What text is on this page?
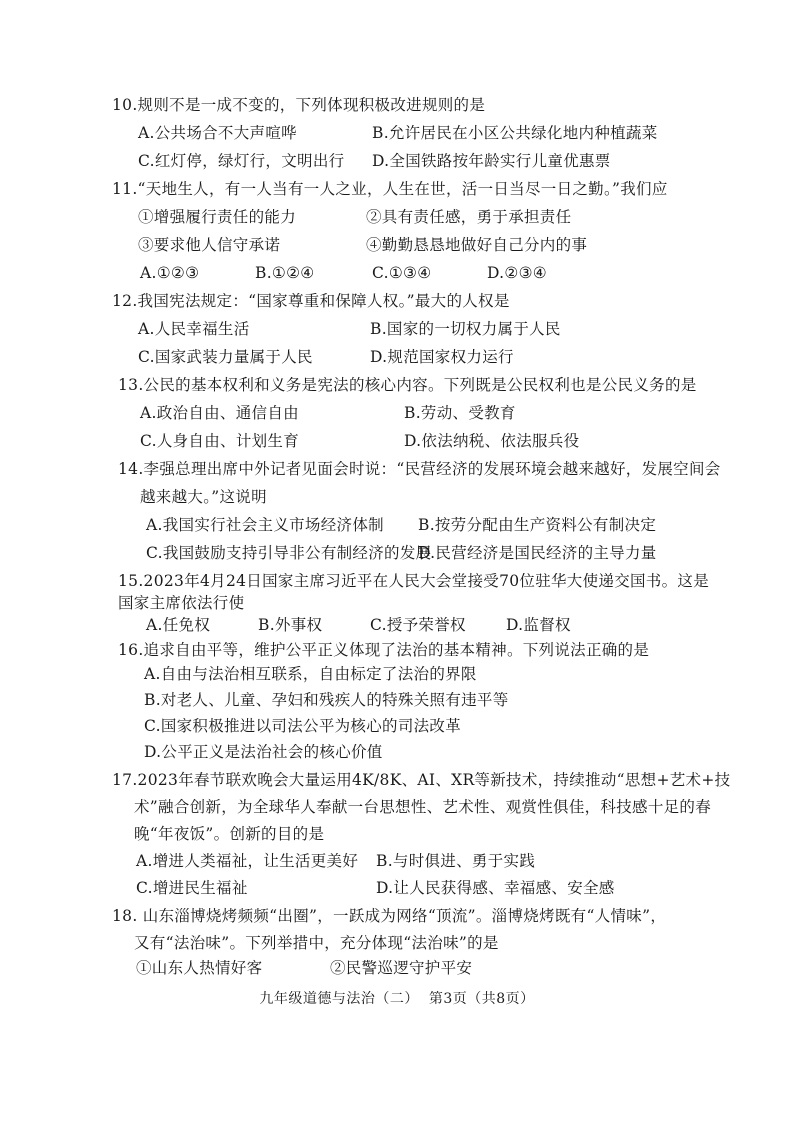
10.规则不是一成不变的，下列体现积极改进规则的是
A.公共场合不大声喧哗	B.允许居民在小区公共绿化地内种植蔬菜
C.红灯停，绿灯行，文明出行 D.全国铁路按年龄实行儿童优惠票
11.“天地生人，有一人当有一人之业，人生在世，活一日当尽一日之勤。”我们应
①增强履行责任的能力	②具有责任感，勇于承担责任
③要求他人信守承诺	④勤勤恳恳地做好自己分内的事
A.①②③	B.①②④	C.①③④	D.②③④
12.我国宪法规定：“国家尊重和保障人权。”最大的人权是
A.人民幸福生活	B.国家的一切权力属于人民
C.国家武装力量属于人民	D.规范国家权力运行
13.公民的基本权利和义务是宪法的核心内容。下列既是公民权利也是公民义务的是
A.政治自由、通信自由	B.劳动、受教育
C.人身自由、计划生育	D.依法纳税、依法服兵役
14.李强总理出席中外记者见面会时说：“民营经济的发展环境会越来越好，发展空间会
越来越大。”这说明
A.我国实行社会主义市场经济体制 B.按劳分配由生产资料公有制决定
C.我国鼓励支持引导非公有制经济的发展
D.民营经济是国民经济的主导力量
15.2023年4月24日国家主席习近平在人民大会堂接受70位驻华大使递交国书。这是
国家主席依法行使
A.任免权	B.外事权	C.授予荣誉权	D.监督权
16.追求自由平等，维护公平正义体现了法治的基本精神。下列说法正确的是
A.自由与法治相互联系，自由标定了法治的界限
B.对老人、儿童、孕妇和残疾人的特殊关照有违平等
C.国家积极推进以司法公平为核心的司法改革
D.公平正义是法治社会的核心价值
17.2023年春节联欢晚会大量运用4K/8K、AI、XR等新技术，持续推动“思想+艺术+技
术”融合创新，为全球华人奉献一台思想性、艺术性、观赏性俱佳，科技感十足的春
晚“年夜饭”。创新的目的是
A.增进人类福祉，让生活更美好 B.与时俱进、勇于实践
C.增进民生福祉	D.让人民获得感、幸福感、安全感
18. 山东淄博烧烤频频“出圈”，一跃成为网络“顶流”。淄博烧烤既有“人情味”，
又有“法治味”。下列举措中，充分体现“法治味”的是
①山东人热情好客	②民警巡逻守护平安
九年级道德与法治（二） 第3页（共8页）
